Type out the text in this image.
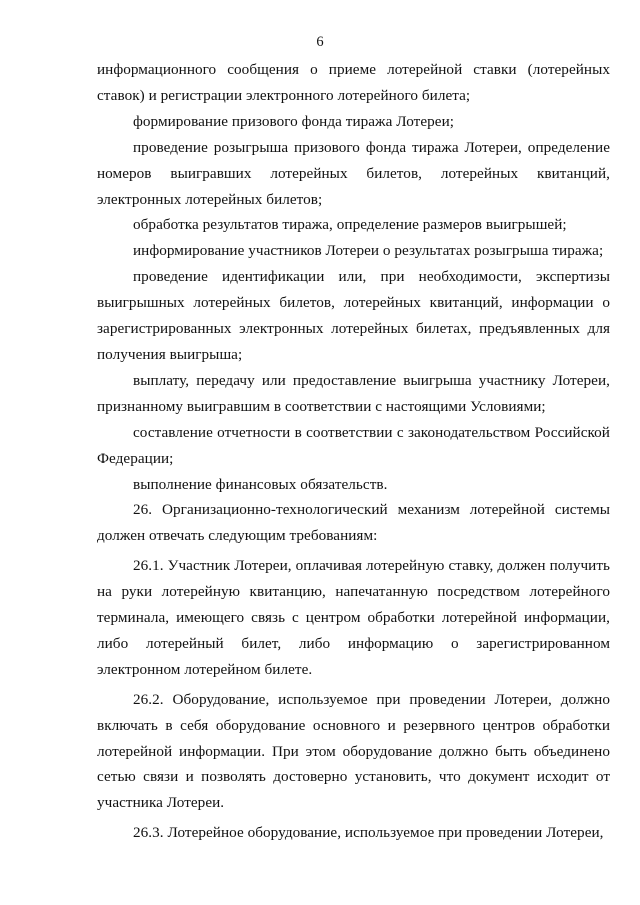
6

информационного сообщения о приеме лотерейной ставки (лотерейных ставок) и регистрации электронного лотерейного билета;

формирование призового фонда тиража Лотереи;

проведение розыгрыша призового фонда тиража Лотереи, определение номеров выигравших лотерейных билетов, лотерейных квитанций, электронных лотерейных билетов;

обработка результатов тиража, определение размеров выигрышей;

информирование участников Лотереи о результатах розыгрыша тиража;

проведение идентификации или, при необходимости, экспертизы выигрышных лотерейных билетов, лотерейных квитанций, информации о зарегистрированных электронных лотерейных билетах, предъявленных для получения выигрыша;

выплату, передачу или предоставление выигрыша участнику Лотереи, признанному выигравшим в соответствии с настоящими Условиями;

составление отчетности в соответствии с законодательством Российской Федерации;

выполнение финансовых обязательств.

26. Организационно-технологический механизм лотерейной системы должен отвечать следующим требованиям:

26.1. Участник Лотереи, оплачивая лотерейную ставку, должен получить на руки лотерейную квитанцию, напечатанную посредством лотерейного терминала, имеющего связь с центром обработки лотерейной информации, либо лотерейный билет, либо информацию о зарегистрированном электронном лотерейном билете.

26.2. Оборудование, используемое при проведении Лотереи, должно включать в себя оборудование основного и резервного центров обработки лотерейной информации. При этом оборудование должно быть объединено сетью связи и позволять достоверно установить, что документ исходит от участника Лотереи.

26.3. Лотерейное оборудование, используемое при проведении Лотереи,
